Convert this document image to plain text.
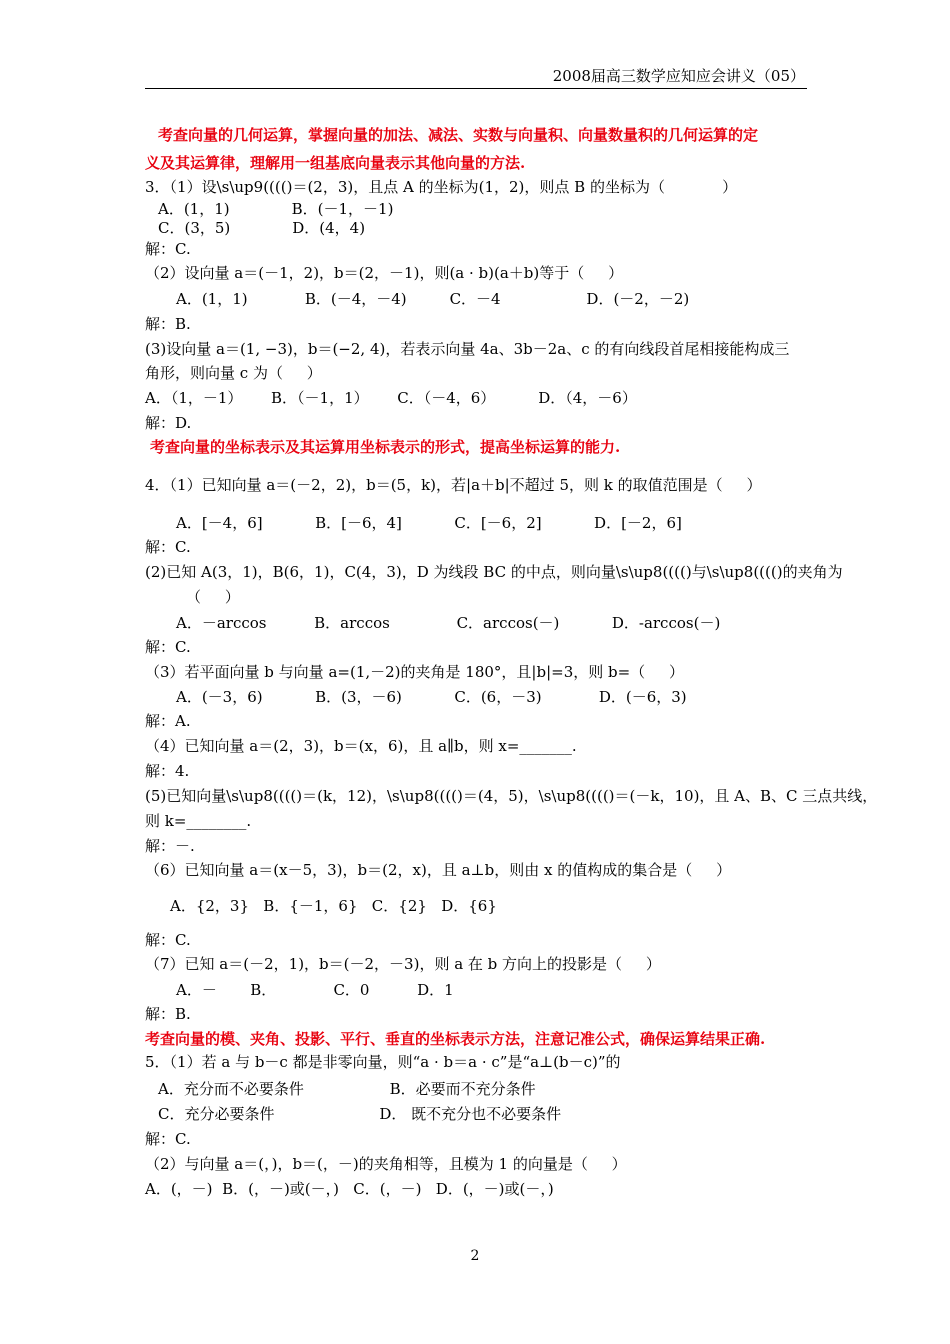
2008届高三数学应知应会讲义（05）
考查向量的几何运算，掌握向量的加法、减法、实数与向量积、向量数量积的几何运算的定
义及其运算律，理解用一组基底向量表示其他向量的方法.
3．（1）设\s\up9(((()＝(2，3)，且点 A 的坐标为(1，2)，则点 B 的坐标为（            ）
A．(1，1)             B．(－1，－1)
C．(3，5)             D．(4，4)
解：C.
（2）设向量 a＝(－1，2)，b＝(2，－1)，则(a · b)(a＋b)等于（     ）
A．(1，1)            B．(－4，－4)         C．－4                  D．(－2，－2)
解：B.
(3)设向量 a＝(1, −3)，b＝(−2, 4)，若表示向量 4a、3b－2a、c 的有向线段首尾相接能构成三
角形，则向量 c 为（     ）
A．（1，－1）      B．（－1，1）      C．（－4，6）         D．（4，－6）
解：D.
考查向量的坐标表示及其运算用坐标表示的形式，提高坐标运算的能力.
4．（1）已知向量 a＝(－2，2)，b＝(5，k)，若|a＋b|不超过 5，则 k 的取值范围是（     ）
A．[－4，6]           B．[－6，4]           C．[－6，2]           D．[－2，6]
解：C.
(2)已知 A(3，1)，B(6，1)，C(4，3)，D 为线段 BC 的中点，则向量\s\up8(((()与\s\up8(((()的夹角为
（     ）
A．－arccos          B．arccos              C．arccos(－)           D．-arccos(－)
解：C.
（3）若平面向量 b 与向量 a=(1,－2)的夹角是 180°，且|b|=3，则 b=（     ）
A．(－3，6)           B．(3，－6)           C．(6，－3)            D．(－6，3)
解：A.
（4）已知向量 a＝(2，3)，b＝(x，6)，且 a∥b，则 x=_______.
解：4.
(5)已知向量\s\up8(((()＝(k，12)，\s\up8(((()＝(4，5)，\s\up8(((()＝(－k，10)，且 A、B、C 三点共线，
则 k=________.
解：－.
（6）已知向量 a＝(x－5，3)，b＝(2，x)，且 a⊥b，则由 x 的值构成的集合是（     ）
A．{2，3}   B．{－1，6}   C．{2}   D．{6}
解：C.
（7）已知 a＝(－2，1)，b＝(－2，－3)，则 a 在 b 方向上的投影是（     ）
A．－       B．            C．0          D．1
解：B.
考查向量的模、夹角、投影、平行、垂直的坐标表示方法，注意记准公式，确保运算结果正确.
5．（1）若 a 与 b－c 都是非零向量，则“a · b＝a · c”是“a⊥(b－c)”的
A．充分而不必要条件                  B．必要而不充分条件
C．充分必要条件                      D． 既不充分也不必要条件
解：C.
（2）与向量 a＝(，)，b＝(，－)的夹角相等，且模为 1 的向量是（     ）
A．(，－)  B．(，－)或(－，)   C．(，－)   D．(，－)或(－，)
2
